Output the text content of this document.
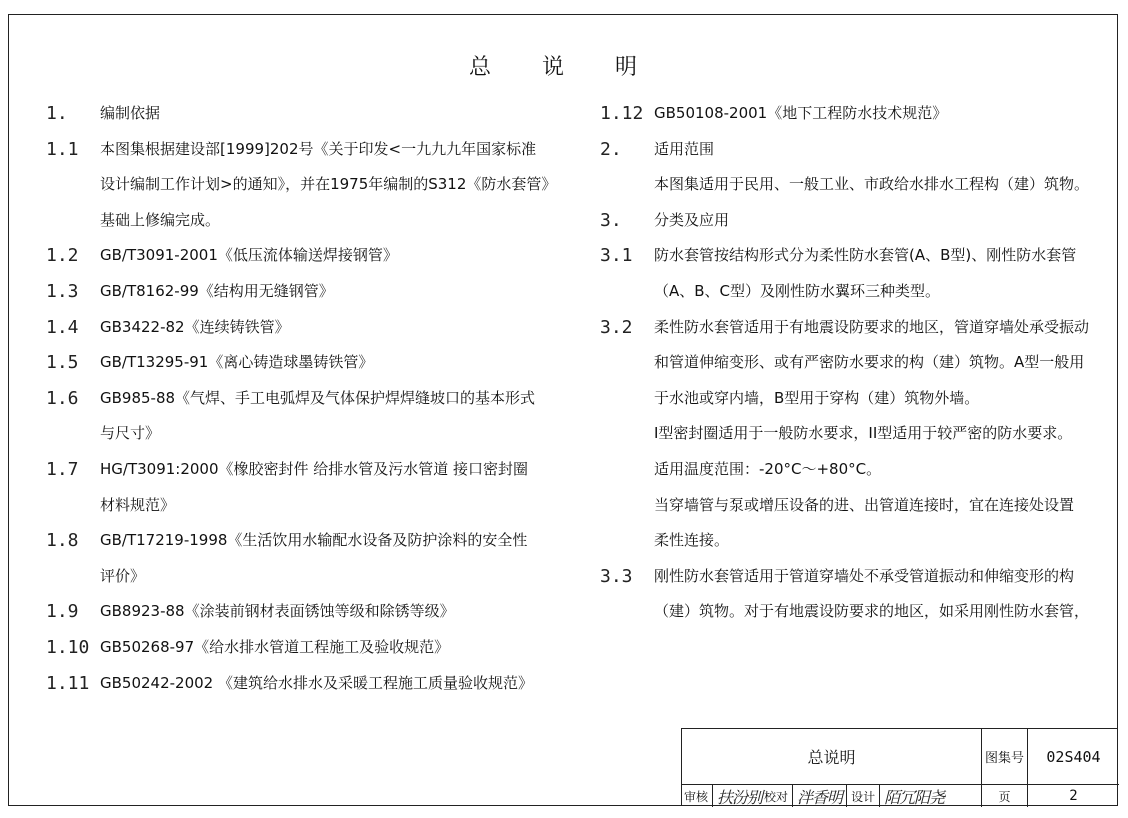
总 说 明
1.	编制依据
1.1	本图集根据建设部[1999]202号《关于印发<一九九九年国家标准
设计编制工作计划>的通知》，并在1975年编制的S312《防水套管》
基础上修编完成。
1.2	GB/T3091-2001《低压流体输送焊接钢管》
1.3	GB/T8162-99《结构用无缝钢管》
1.4	GB3422-82《连续铸铁管》
1.5	GB/T13295-91《离心铸造球墨铸铁管》
1.6	GB985-88《气焊、手工电弧焊及气体保护焊焊缝坡口的基本形式
与尺寸》
1.7	HG/T3091:2000《橡胶密封件 给排水管及污水管道 接口密封圈
材料规范》
1.8	GB/T17219-1998《生活饮用水输配水设备及防护涂料的安全性
评价》
1.9	GB8923-88《涂装前钢材表面锈蚀等级和除锈等级》
1.10 GB50268-97《给水排水管道工程施工及验收规范》
1.11 GB50242-2002 《建筑给水排水及采暖工程施工质量验收规范》
1.12 GB50108-2001《地下工程防水技术规范》
2.	适用范围
本图集适用于民用、一般工业、市政给水排水工程构（建）筑物。
3.	分类及应用
3.1	防水套管按结构形式分为柔性防水套管(A、B型)、刚性防水套管
（A、B、C型）及刚性防水翼环三种类型。
3.2	柔性防水套管适用于有地震设防要求的地区，管道穿墙处承受振动
和管道伸缩变形、或有严密防水要求的构（建）筑物。A型一般用
于水池或穿内墙，B型用于穿构（建）筑物外墙。
I型密封圈适用于一般防水要求，II型适用于较严密的防水要求。
适用温度范围：-20°C～+80°C。
当穿墙管与泵或增压设备的进、出管道连接时，宜在连接处设置
柔性连接。
3.3	刚性防水套管适用于管道穿墙处不承受管道振动和伸缩变形的构
（建）筑物。对于有地震设防要求的地区，如采用刚性防水套管，
总说明	图集号	02S404
审核 扶汾别 校对 泮香明 设计 陌冗阳尧	页	2
